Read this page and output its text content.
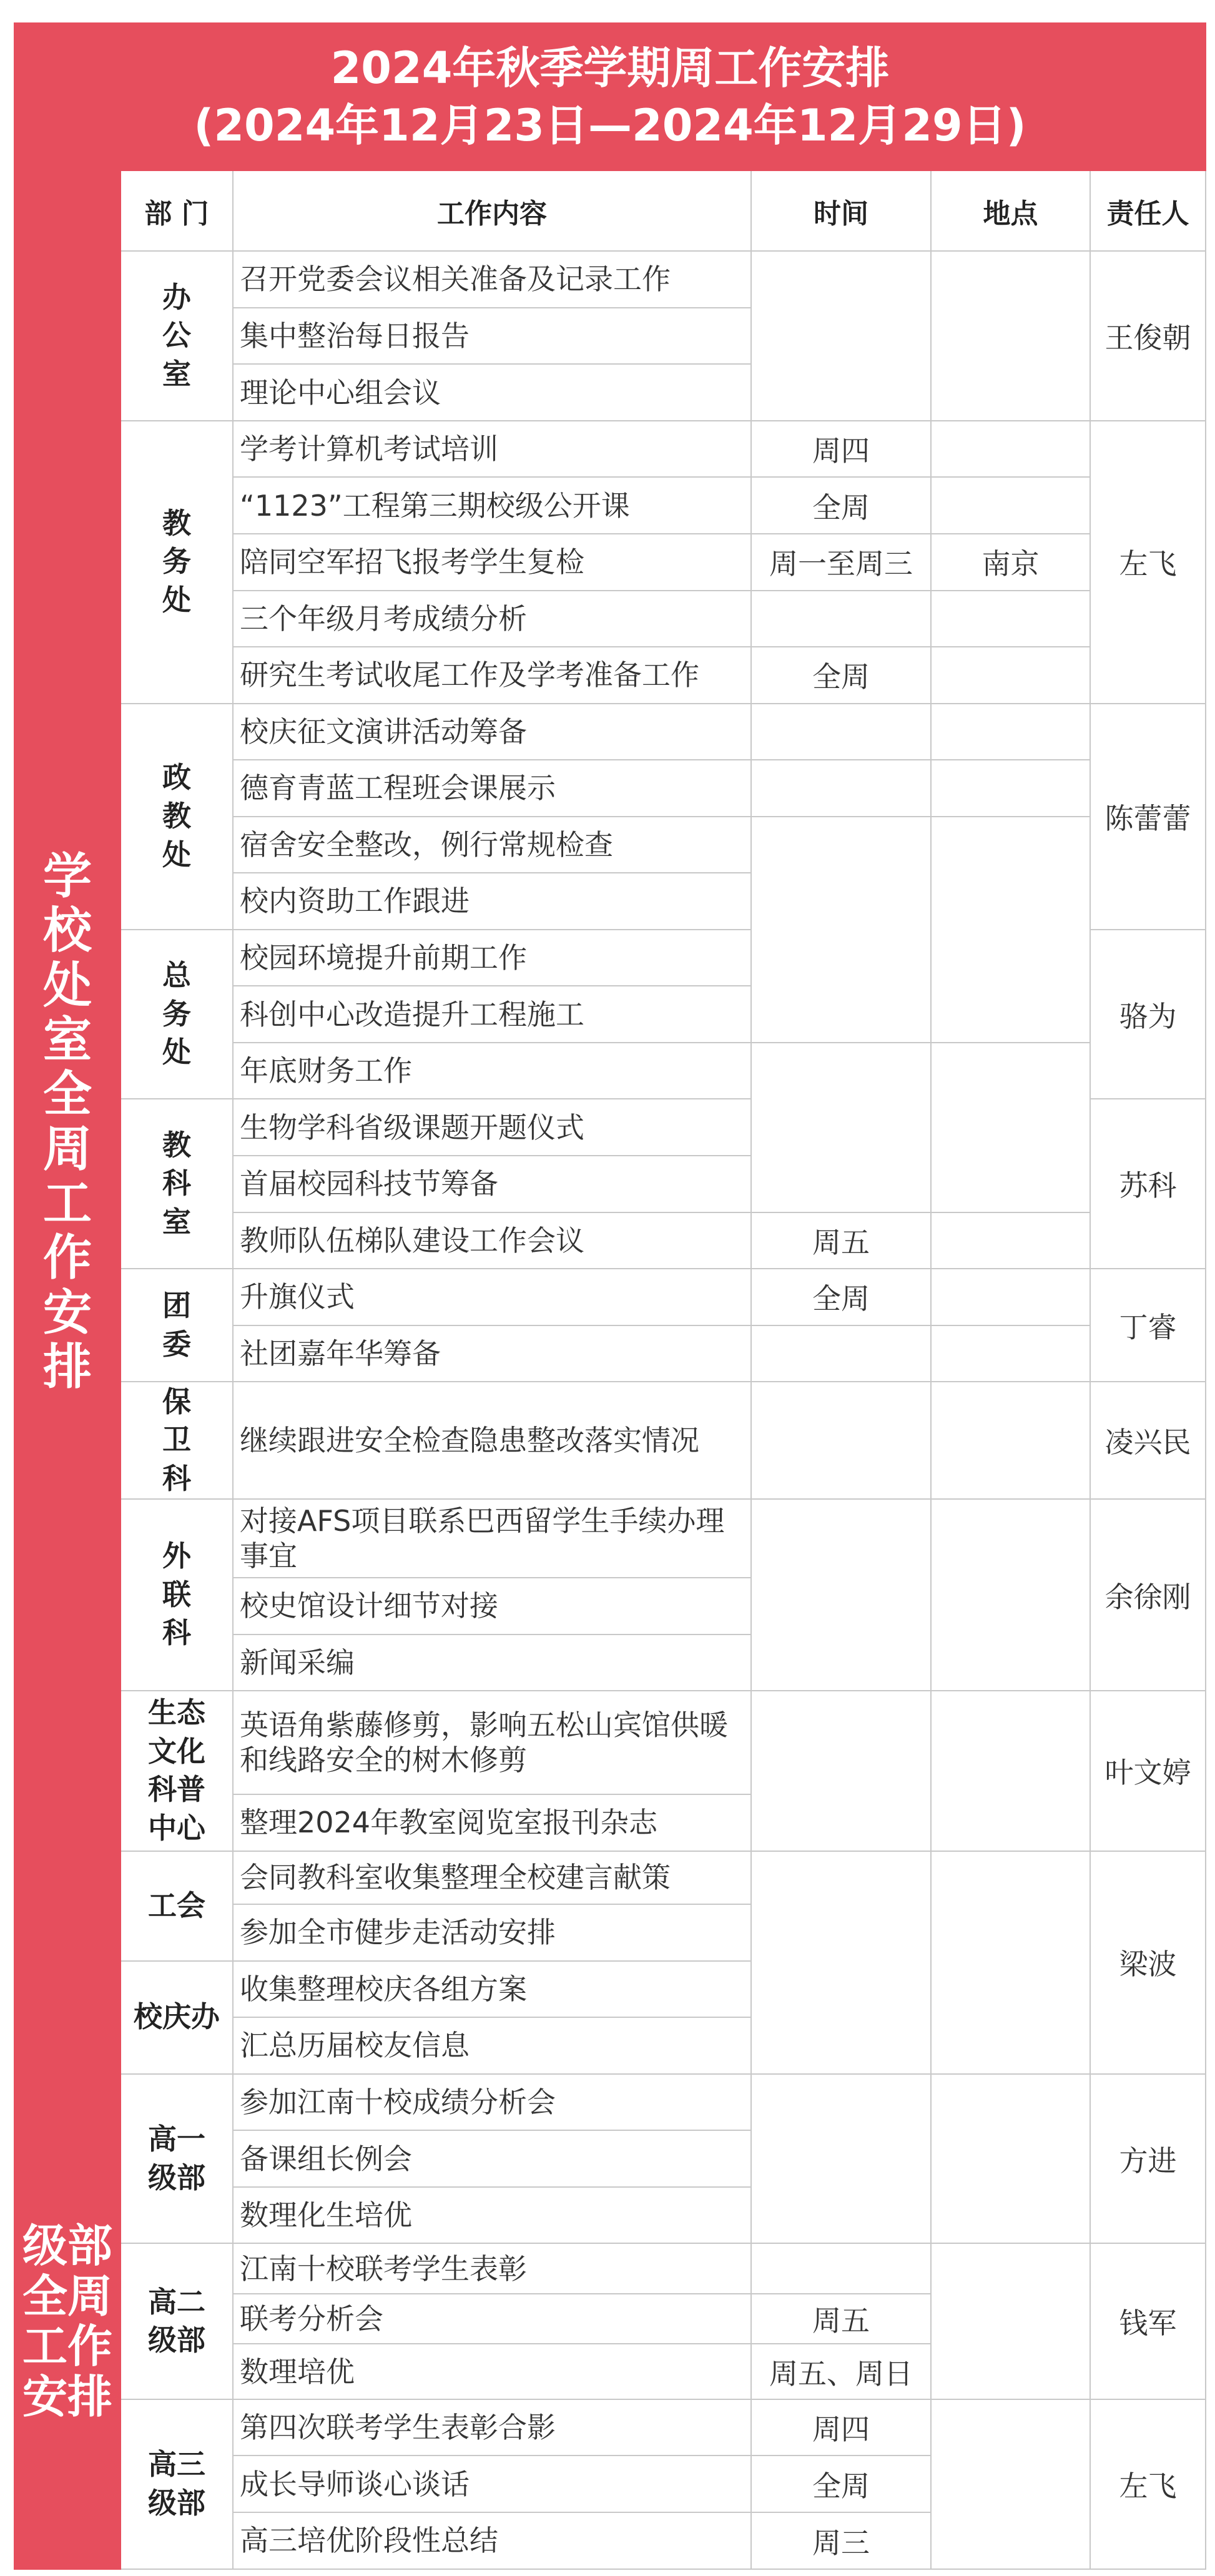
2024年秋季学期周工作安排
(2024年12月23日—2024年12月29日)					

学校处室全周工作安排	部 门	工作内容	时间	地点	责任人
	办公室	召开党委会议相关准备及记录工作			王俊朝
		集中整治每日报告			
		理论中心组会议			
	教务处	学考计算机考试培训	周四		左飞
		“1123”工程第三期校级公开课	全周		
		陪同空军招飞报考学生复检	周一至周三	南京	
		三个年级月考成绩分析			
		研究生考试收尾工作及学考准备工作	全周		
	政教处	校庆征文演讲活动筹备			陈蕾蕾
		德育青蓝工程班会课展示			
		宿舍安全整改，例行常规检查			
		校内资助工作跟进			
	总务处	校园环境提升前期工作			骆为
		科创中心改造提升工程施工			
		年底财务工作			
	教科室	生物学科省级课题开题仪式			苏科
		首届校园科技节筹备			
		教师队伍梯队建设工作会议	周五		
	团委	升旗仪式	全周		丁睿
		社团嘉年华筹备			
	保卫科	继续跟进安全检查隐患整改落实情况			凌兴民
	外联科	对接AFS项目联系巴西留学生手续办理事宜			余徐刚
		校史馆设计细节对接			
		新闻采编			
	生态文化科普中心	英语角紫藤修剪，影响五松山宾馆供暖和线路安全的树木修剪			叶文婷
		整理2024年教室阅览室报刊杂志			
	工会	会同教科室收集整理全校建言献策			梁波
		参加全市健步走活动安排			
	校庆办	收集整理校庆各组方案			
		汇总历届校友信息			
级部全周工作安排	高一级部	参加江南十校成绩分析会			方进
		备课组长例会			
		数理化生培优			
	高二级部	江南十校联考学生表彰			钱军
		联考分析会	周五		
		数理培优	周五、周日		
	高三级部	第四次联考学生表彰合影	周四		左飞
		成长导师谈心谈话	全周		
		高三培优阶段性总结	周三		
